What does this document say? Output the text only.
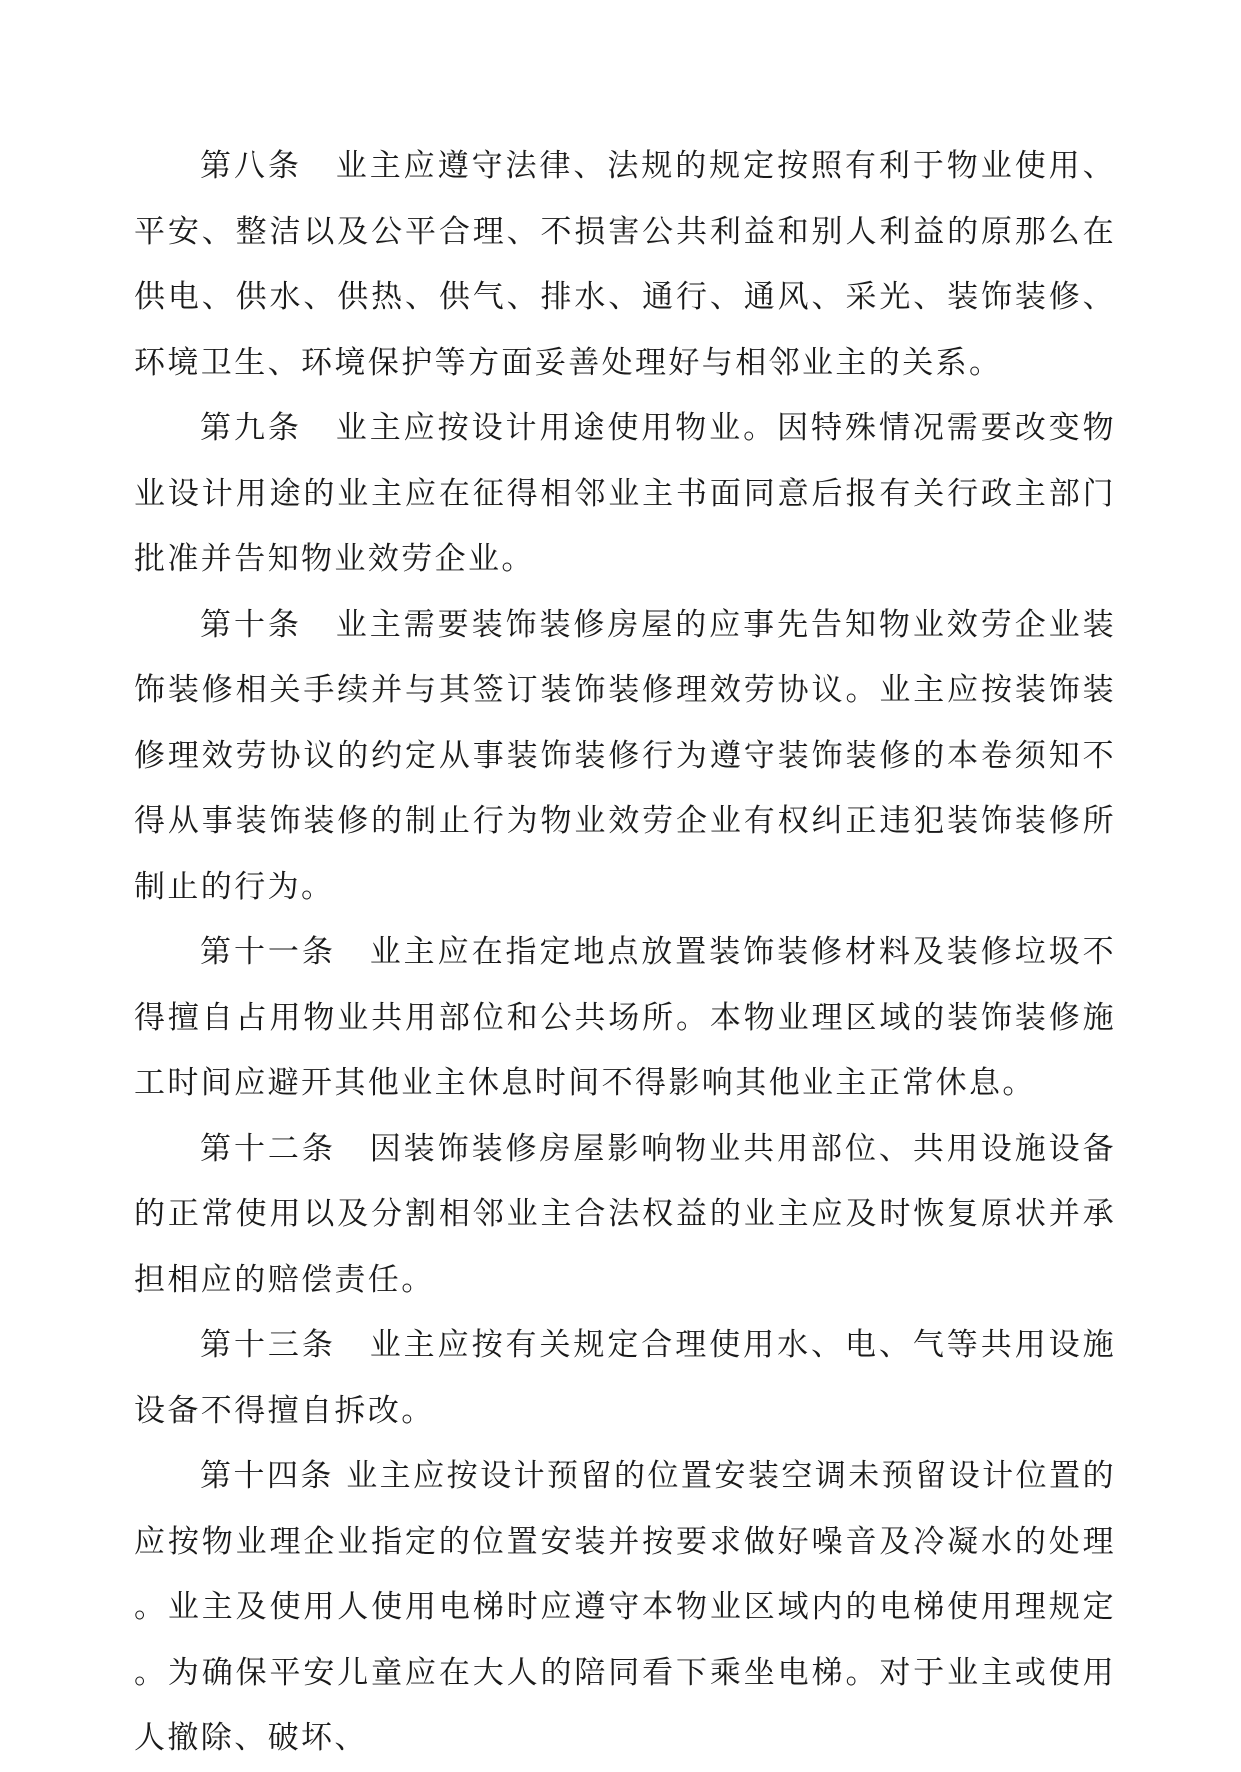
第八条　业主应遵守法律、法规的规定按照有利于物业使用、平安、整洁以及公平合理、不损害公共利益和别人利益的原那么在供电、供水、供热、供气、排水、通行、通风、采光、装饰装修、环境卫生、环境保护等方面妥善处理好与相邻业主的关系。

第九条　业主应按设计用途使用物业。因特殊情况需要改变物业设计用途的业主应在征得相邻业主书面同意后报有关行政主部门批准并告知物业效劳企业。

第十条　业主需要装饰装修房屋的应事先告知物业效劳企业装饰装修相关手续并与其签订装饰装修理效劳协议。业主应按装饰装修理效劳协议的约定从事装饰装修行为遵守装饰装修的本卷须知不得从事装饰装修的制止行为物业效劳企业有权纠正违犯装饰装修所制止的行为。

第十一条　业主应在指定地点放置装饰装修材料及装修垃圾不得擅自占用物业共用部位和公共场所。本物业理区域的装饰装修施工时间应避开其他业主休息时间不得影响其他业主正常休息。

第十二条　因装饰装修房屋影响物业共用部位、共用设施设备的正常使用以及分割相邻业主合法权益的业主应及时恢复原状并承担相应的赔偿责任。

第十三条　业主应按有关规定合理使用水、电、气等共用设施设备不得擅自拆改。

第十四条 业主应按设计预留的位置安装空调未预留设计位置的应按物业理企业指定的位置安装并按要求做好噪音及冷凝水的处理。业主及使用人使用电梯时应遵守本物业区域内的电梯使用理规定。为确保平安儿童应在大人的陪同看下乘坐电梯。对于业主或使用人撤除、破坏、
